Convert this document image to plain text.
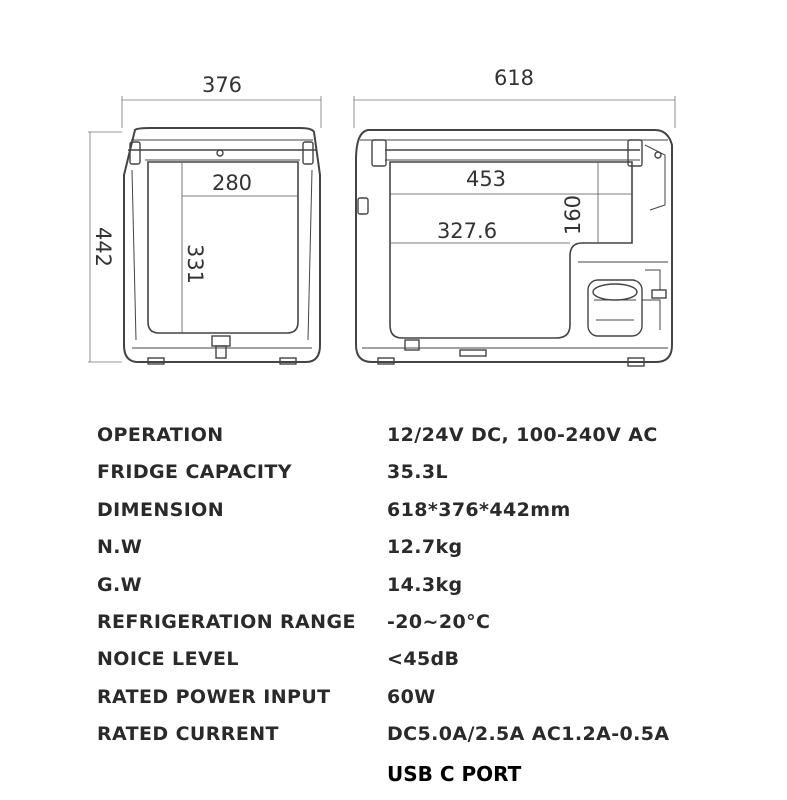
376	618
442
280
331
453
327.6	160
OPERATION	12/24V DC, 100-240V AC
FRIDGE CAPACITY	35.3L
DIMENSION	618*376*442mm
N.W	12.7kg
G.W	14.3kg
REFRIGERATION RANGE -20~20°C
NOICE LEVEL	<45dB
RATED POWER INPUT	60W
RATED CURRENT	DC5.0A/2.5A AC1.2A-0.5A
USB C PORT
